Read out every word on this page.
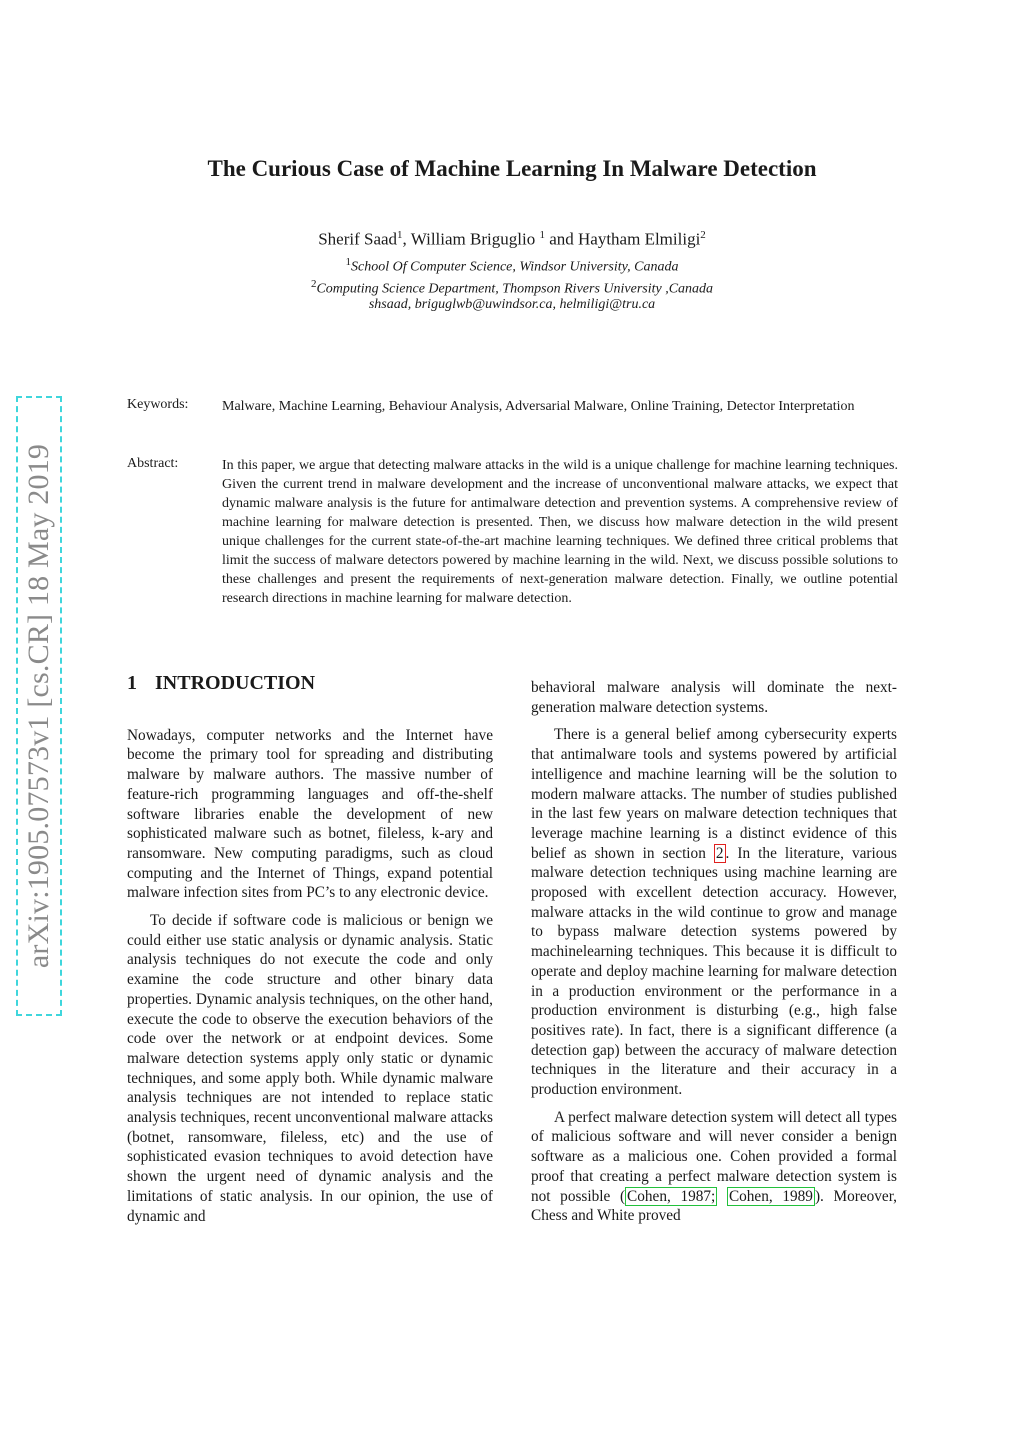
The Curious Case of Machine Learning In Malware Detection
Sherif Saad$^1$, William Briguglio $^1$ and Haytham Elmiligi$^2$
$^1$School Of Computer Science, Windsor University, Canada
$^2$Computing Science Department, Thompson Rivers University ,Canada
shsaad, briguglwb@uwindsor.ca, helmiligi@tru.ca
arXiv:1905.07573v1 [cs.CR] 18 May 2019
Keywords: Malware, Machine Learning, Behaviour Analysis, Adversarial Malware, Online Training, Detector Interpretation
Abstract:	In this paper, we argue that detecting malware attacks in the wild is a unique challenge for machine learning techniques. Given the current trend in malware development and the increase of unconventional malware attacks, we expect that dynamic malware analysis is the future for antimalware detection and prevention systems. A comprehensive review of machine learning for malware detection is presented. Then, we discuss how malware detection in the wild present unique challenges for the current state-of-the-art machine learning techniques. We defined three critical problems that limit the success of malware detectors powered by machine learning in the wild. Next, we discuss possible solutions to these challenges and present the requirements of next-generation malware detection. Finally, we outline potential research directions in machine learning for malware detection.
1 INTRODUCTION

Nowadays, computer networks and the Internet have become the primary tool for spreading and distributing malware by malware authors. The massive number of feature-rich programming languages and off-the-shelf software libraries enable the development of new sophisticated malware such as botnet, fileless, k-ary and ransomware. New computing paradigms, such as cloud computing and the Internet of Things, expand potential malware infection sites from PC’s to any electronic device.

To decide if software code is malicious or benign we could either use static analysis or dynamic analysis. Static analysis techniques do not execute the code and only examine the code structure and other binary data properties. Dynamic analysis techniques, on the other hand, execute the code to observe the execution behaviors of the code over the network or at endpoint devices. Some malware detection systems apply only static or dynamic techniques, and some apply both. While dynamic malware analysis techniques are not intended to replace static analysis techniques, recent unconventional malware attacks (botnet, ransomware, fileless, etc) and the use of sophisticated evasion techniques to avoid detection have shown the urgent need of dynamic analysis and the limitations of static analysis. In our opinion, the use of dynamic and

behavioral malware analysis will dominate the next-generation malware detection systems.

There is a general belief among cybersecurity experts that antimalware tools and systems powered by artificial intelligence and machine learning will be the solution to modern malware attacks. The number of studies published in the last few years on malware detection techniques that leverage machine learning is a distinct evidence of this belief as shown in section 2 . In the literature, various malware detection techniques using machine learning are proposed with excellent detection accuracy. However, malware attacks in the wild continue to grow and manage to bypass malware detection systems powered by machinelearning techniques. This because it is difficult to operate and deploy machine learning for malware detection in a production environment or the performance in a production environment is disturbing (e.g., high false positives rate). In fact, there is a significant difference (a detection gap) between the accuracy of malware detection techniques in the literature and their accuracy in a production environment.

A perfect malware detection system will detect all types of malicious software and will never consider a benign software as a malicious one. Cohen provided a formal proof that creating a perfect malware detection system is not possible ( Cohen, 1987; Cohen, 1989 ). Moreover, Chess and White proved
